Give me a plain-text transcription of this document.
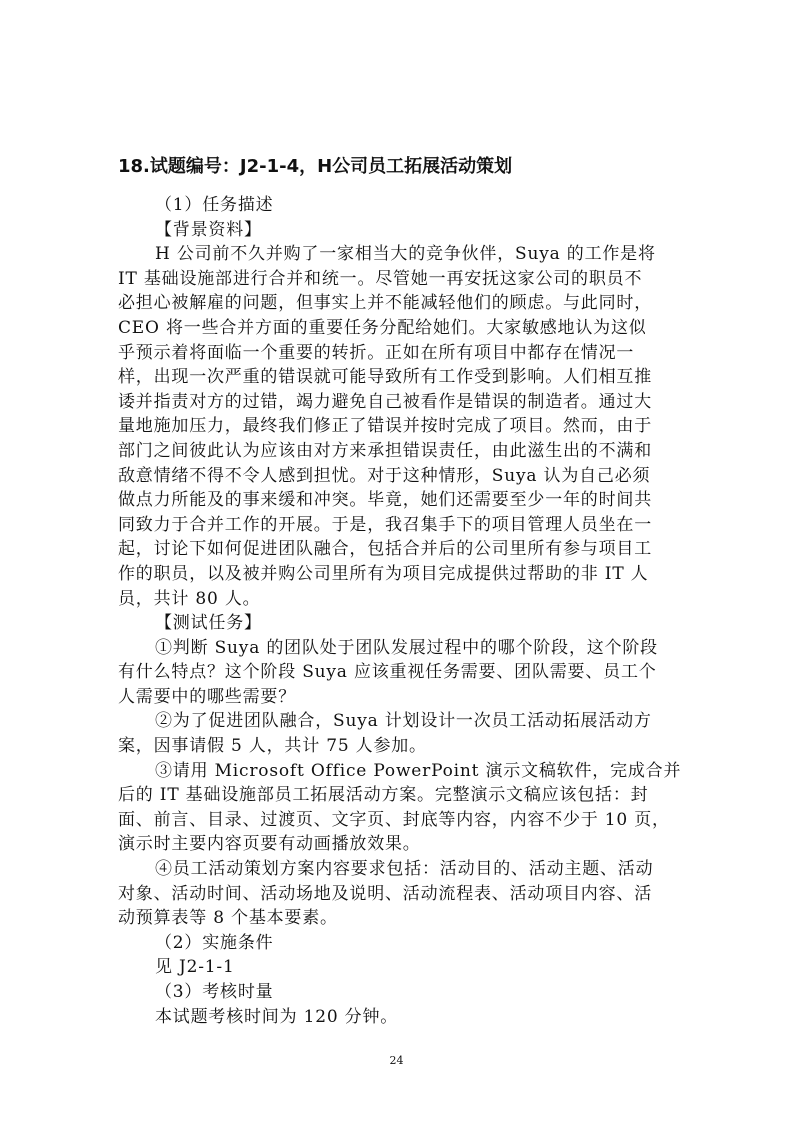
18.试题编号：J2-1-4，H公司员工拓展活动策划
（1）任务描述
【背景资料】
H 公司前不久并购了一家相当大的竞争伙伴，Suya 的工作是将
IT 基础设施部进行合并和统一。尽管她一再安抚这家公司的职员不
必担心被解雇的问题，但事实上并不能减轻他们的顾虑。与此同时，
CEO 将一些合并方面的重要任务分配给她们。大家敏感地认为这似
乎预示着将面临一个重要的转折。正如在所有项目中都存在情况一
样，出现一次严重的错误就可能导致所有工作受到影响。人们相互推
诿并指责对方的过错，竭力避免自己被看作是错误的制造者。通过大
量地施加压力，最终我们修正了错误并按时完成了项目。然而，由于
部门之间彼此认为应该由对方来承担错误责任，由此滋生出的不满和
敌意情绪不得不令人感到担忧。对于这种情形，Suya 认为自己必须
做点力所能及的事来缓和冲突。毕竟，她们还需要至少一年的时间共
同致力于合并工作的开展。于是，我召集手下的项目管理人员坐在一
起，讨论下如何促进团队融合，包括合并后的公司里所有参与项目工
作的职员，以及被并购公司里所有为项目完成提供过帮助的非 IT 人
员，共计 80 人。
【测试任务】
①判断 Suya 的团队处于团队发展过程中的哪个阶段，这个阶段
有什么特点？这个阶段 Suya 应该重视任务需要、团队需要、员工个
人需要中的哪些需要？
②为了促进团队融合，Suya 计划设计一次员工活动拓展活动方
案，因事请假 5 人，共计 75 人参加。
③请用 Microsoft Office PowerPoint 演示文稿软件，完成合并
后的 IT 基础设施部员工拓展活动方案。完整演示文稿应该包括：封
面、前言、目录、过渡页、文字页、封底等内容，内容不少于 10 页，
演示时主要内容页要有动画播放效果。
④员工活动策划方案内容要求包括：活动目的、活动主题、活动
对象、活动时间、活动场地及说明、活动流程表、活动项目内容、活
动预算表等 8 个基本要素。
（2）实施条件
见 J2-1-1
（3）考核时量
本试题考核时间为 120 分钟。
24
